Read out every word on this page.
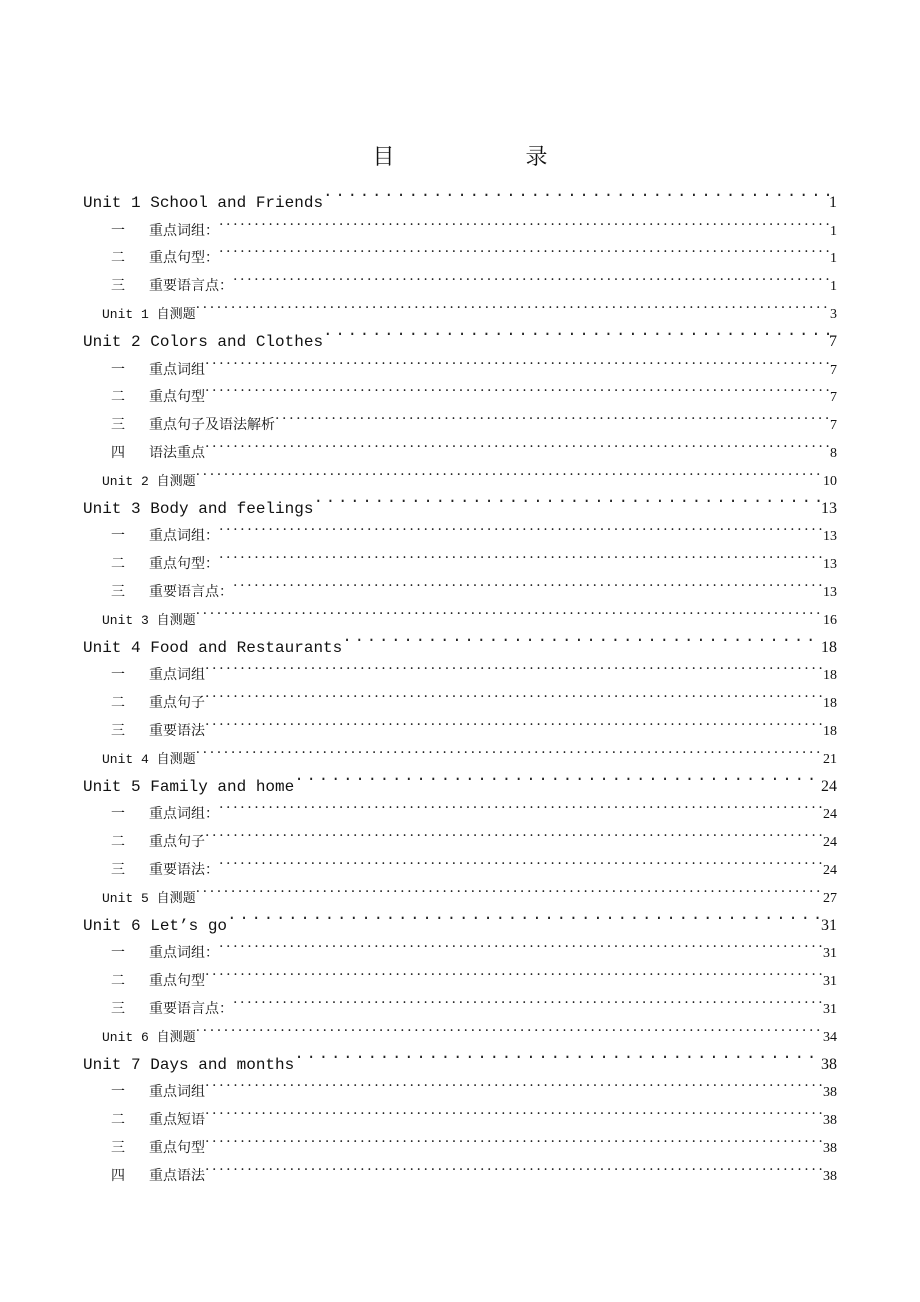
目 录
Unit 1 School and Friends .....	1
一 重点词组： .....	1
二 重点句型： .....	1
三 重要语言点： .....	1
Unit 1 自测题 .....	3
Unit 2 Colors and Clothes .....	7
一 重点词组 .....	7
二 重点句型 .....	7
三 重点句子及语法解析 .....	7
四 语法重点 .....	8
Unit 2 自测题 .....	10
Unit 3 Body and feelings .....	13
一 重点词组： .....	13
二 重点句型： .....	13
三 重要语言点： .....	13
Unit 3 自测题 .....	16
Unit 4 Food and Restaurants .....	18
一 重点词组 .....	18
二 重点句子 .....	18
三 重要语法 .....	18
Unit 4 自测题 .....	21
Unit 5 Family and home .....	24
一 重点词组： .....	24
二 重点句子 .....	24
三 重要语法： .....	24
Unit 5 自测题 .....	27
Unit 6 Let’s go .....	31
一 重点词组： .....	31
二 重点句型 .....	31
三 重要语言点： .....	31
Unit 6 自测题 .....	34
Unit 7 Days and months .....	38
一 重点词组 .....	38
二 重点短语 .....	38
三 重点句型 .....	38
四 重点语法 .....	38
